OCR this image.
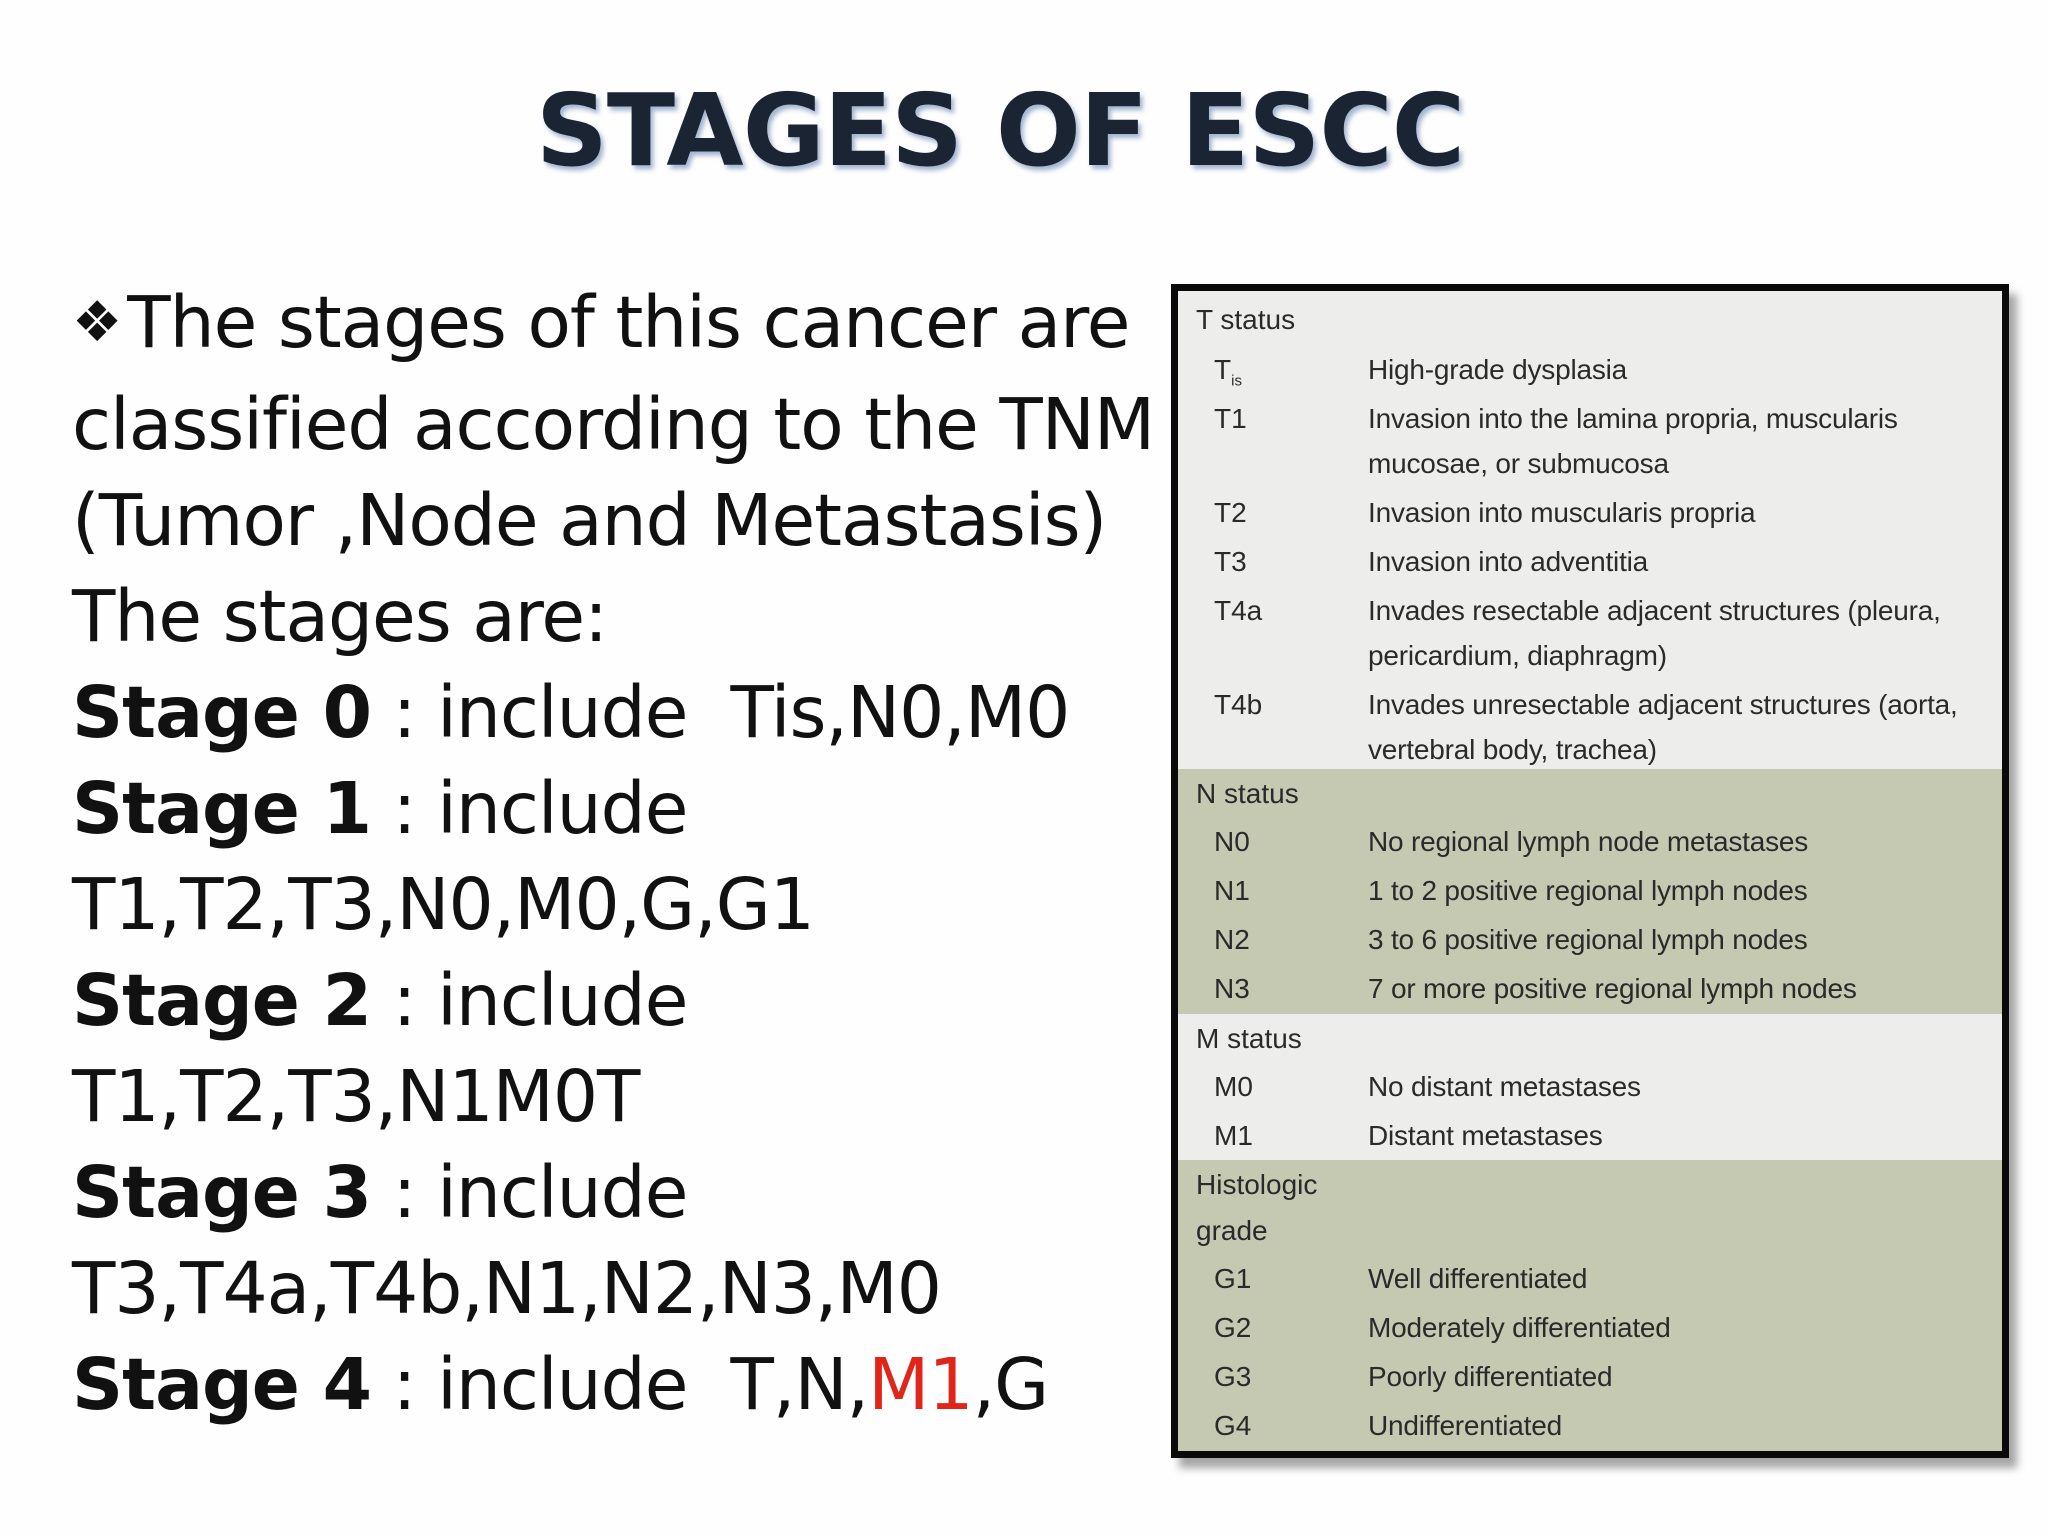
STAGES OF ESCC
❖The stages of this cancer are
classified according to the TNM
(Tumor ,Node and Metastasis)
The stages are:
Stage 0 : include  Tis,N0,M0
Stage 1 : include
T1,T2,T3,N0,M0,G,G1
Stage 2 : include
T1,T2,T3,N1M0T
Stage 3 : include
T3,T4a,T4b,N1,N2,N3,M0
Stage 4 : include  T,N,M1,G
T status
$T_{is}$	High-grade dysplasia
T1	Invasion into the lamina propria, muscularis
mucosae, or submucosa
T2	Invasion into muscularis propria
T3	Invasion into adventitia
T4a	Invades resectable adjacent structures (pleura,
pericardium, diaphragm)
T4b	Invades unresectable adjacent structures (aorta,
vertebral body, trachea)
N status
N0	No regional lymph node metastases
N1	1 to 2 positive regional lymph nodes
N2	3 to 6 positive regional lymph nodes
N3	7 or more positive regional lymph nodes
M status
M0	No distant metastases
M1	Distant metastases
Histologic
grade
G1	Well differentiated
G2	Moderately differentiated
G3	Poorly differentiated
G4	Undifferentiated
